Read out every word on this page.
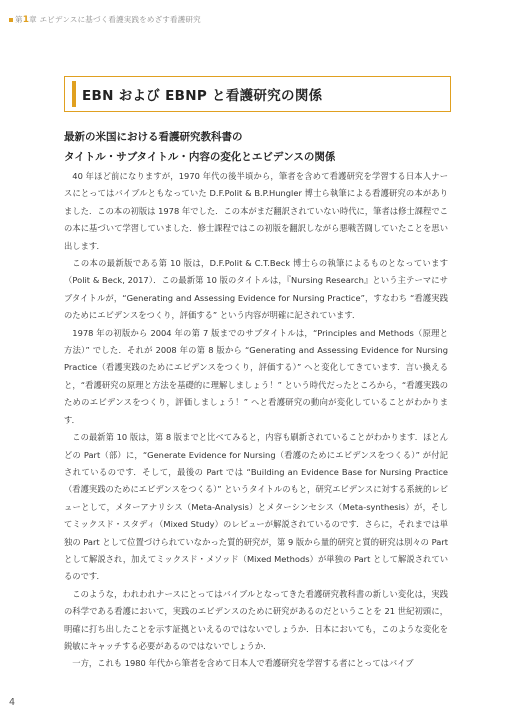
第1章 エビデンスに基づく看護実践をめざす看護研究
EBN および EBNP と看護研究の関係
最新の米国における看護研究教科書の
タイトル・サブタイトル・内容の変化とエビデンスの関係

40 年ほど前になりますが，1970 年代の後半頃から，筆者を含めて看護研究を学習する日本人ナースにとってはバイブルともなっていた D.F.Polit & B.P.Hungler 博士ら執筆による看護研究の本がありました．この本の初版は 1978 年でした．この本がまだ翻訳されていない時代に，筆者は修士課程でこの本に基づいて学習していました．修士課程ではこの初版を翻訳しながら悪戦苦闘していたことを思い出します．

この本の最新版である第 10 版は，D.F.Polit & C.T.Beck 博士らの執筆によるものとなっています（Polit & Beck, 2017）．この最新第 10 版のタイトルは，『Nursing Research』という主テーマにサブタイトルが，“Generating and Assessing Evidence for Nursing Practice”，すなわち “看護実践のためにエビデンスをつくり，評価する” という内容が明確に記されています．

1978 年の初版から 2004 年の第 7 版までのサブタイトルは，“Principles and Methods（原理と方法）” でした．それが 2008 年の第 8 版から “Generating and Assessing Evidence for Nursing Practice（看護実践のためにエビデンスをつくり，評価する）” へと変化してきています．言い換えると，“看護研究の原理と方法を基礎的に理解しましょう！” という時代だったところから，“看護実践のためのエビデンスをつくり，評価しましょう！” へと看護研究の動向が変化していることがわかります．

この最新第 10 版は，第 8 版までと比べてみると，内容も刷新されていることがわかります．ほとんどの Part（部）に，“Generate Evidence for Nursing（看護のためにエビデンスをつくる）” が付記されているのです．そして，最後の Part では “Building an Evidence Base for Nursing Practice（看護実践のためにエビデンスをつくる）” というタイトルのもと，研究エビデンスに対する系統的レビューとして，メターアナリシス（Meta-Analysis）とメターシンセシス（Meta-synthesis）が，そしてミックスド・スタディ（Mixed Study）のレビューが解説されているのです．さらに，それまでは単独の Part として位置づけられていなかった質的研究が，第 9 版から量的研究と質的研究は別々の Part として解説され，加えてミックスド・メソッド（Mixed Methods）が単独の Part として解説されているのです．

このような，われわれナースにとってはバイブルとなってきた看護研究教科書の新しい変化は，実践の科学である看護において，実践のエビデンスのために研究があるのだということを 21 世紀初頭に，明確に打ち出したことを示す証拠といえるのではないでしょうか．日本においても，このような変化を鋭敏にキャッチする必要があるのではないでしょうか．

一方，これも 1980 年代から筆者を含めて日本人で看護研究を学習する者にとってはバイブ

4
